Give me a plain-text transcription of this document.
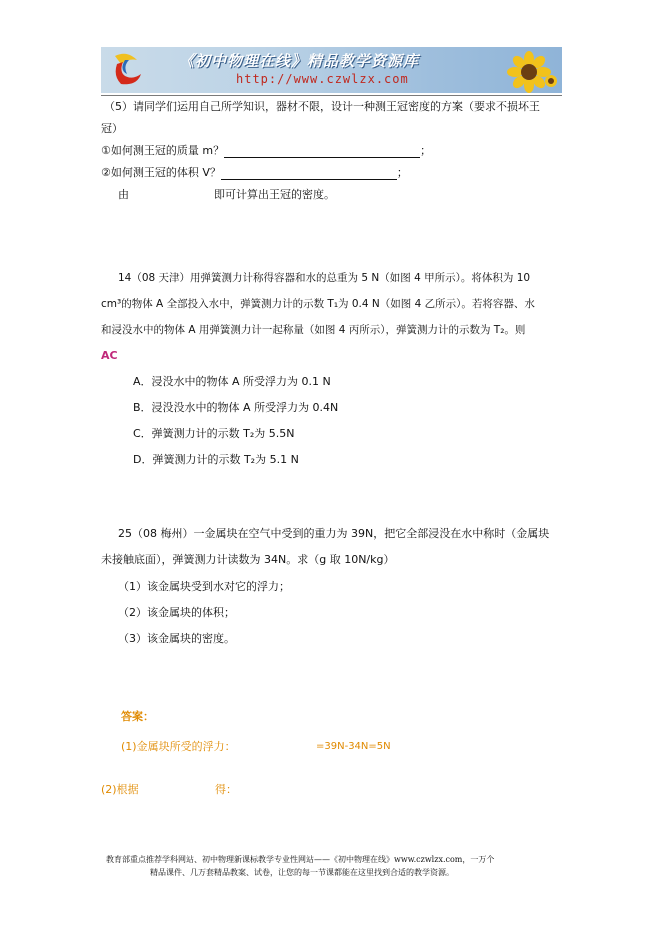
《初中物理在线》精品教学资源库
http://www.czwlzx.com
（5）请同学们运用自己所学知识，器材不限，设计一种测王冠密度的方案（要求不损坏王
冠）
①如何测王冠的质量 m？	；
②如何测王冠的体积 V？	；
由	即可计算出王冠的密度。
14（08 天津）用弹簧测力计称得容器和水的总重为 5 N（如图 4 甲所示）。将体积为 10
cm³的物体 A 全部投入水中，弹簧测力计的示数 T₁为 0.4 N（如图 4 乙所示）。若将容器、水
和浸没水中的物体 A 用弹簧测力计一起称量（如图 4 丙所示），弹簧测力计的示数为 T₂。则
AC
A．浸没水中的物体 A 所受浮力为 0.1 N
B．浸没没水中的物体 A 所受浮力为 0.4N
C．弹簧测力计的示数 T₂为 5.5N
D．弹簧测力计的示数 T₂为 5.1 N
25（08 梅州）一金属块在空气中受到的重力为 39N，把它全部浸没在水中称时（金属块
未接触底面），弹簧测力计读数为 34N。求（g 取 10N/kg）
（1）该金属块受到水对它的浮力；
（2）该金属块的体积；
（3）该金属块的密度。
答案：
(1)金属块所受的浮力：	=39N-34N=5N
(2)根据	得：
教育部重点推荐学科网站、初中物理新课标教学专业性网站——《初中物理在线》www.czwlzx.com，一万个
精品课件、几万套精品教案、试卷，让您的每一节课都能在这里找到合适的教学资源。
